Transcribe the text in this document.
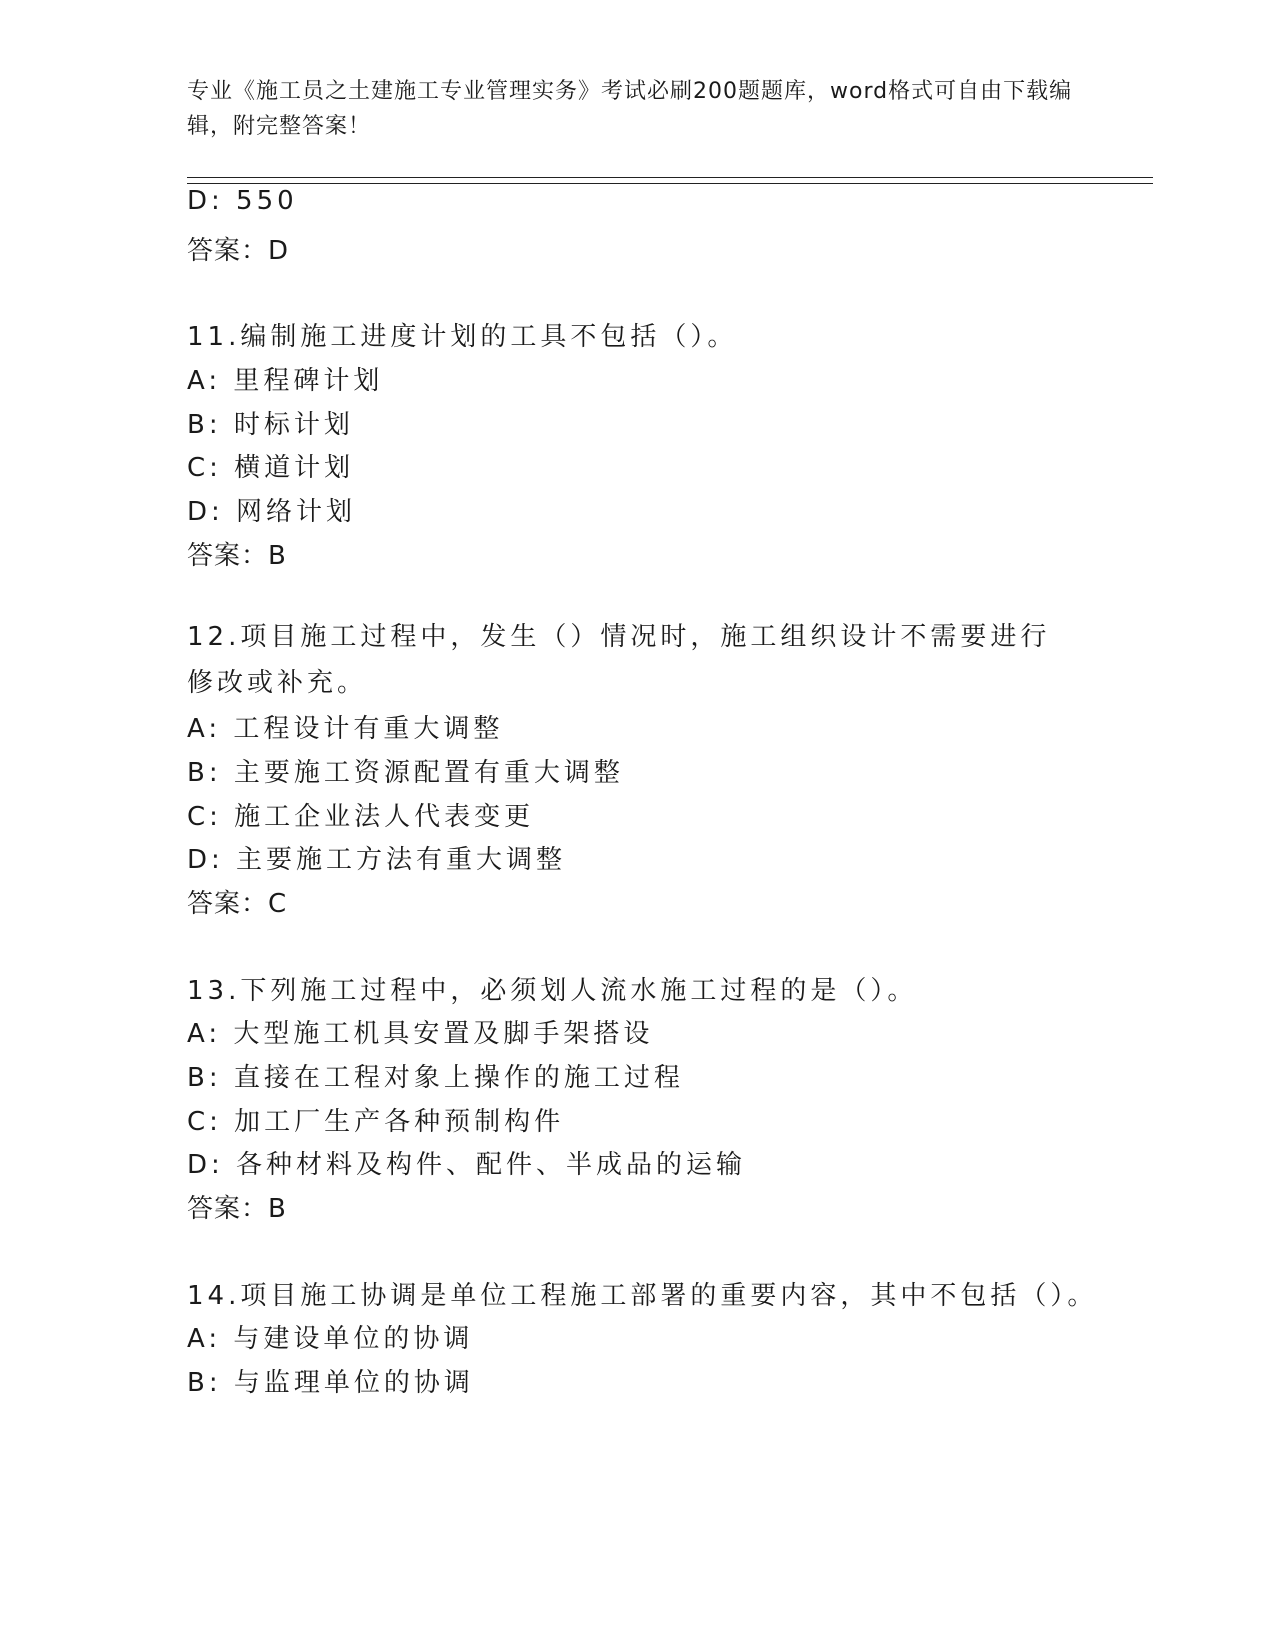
专业《施工员之土建施工专业管理实务》考试必刷200题题库，word格式可自由下载编辑，附完整答案！

D: 550

答案：D

11.编制施工进度计划的工具不包括（）。

A: 里程碑计划

B: 时标计划

C: 横道计划

D: 网络计划

答案：B

12.项目施工过程中，发生（）情况时，施工组织设计不需要进行修改或补充。

A: 工程设计有重大调整

B: 主要施工资源配置有重大调整

C: 施工企业法人代表变更

D: 主要施工方法有重大调整

答案：C

13.下列施工过程中，必须划人流水施工过程的是（）。

A: 大型施工机具安置及脚手架搭设

B: 直接在工程对象上操作的施工过程

C: 加工厂生产各种预制构件

D: 各种材料及构件、配件、半成品的运输

答案：B

14.项目施工协调是单位工程施工部署的重要内容，其中不包括（）。

A: 与建设单位的协调

B: 与监理单位的协调
